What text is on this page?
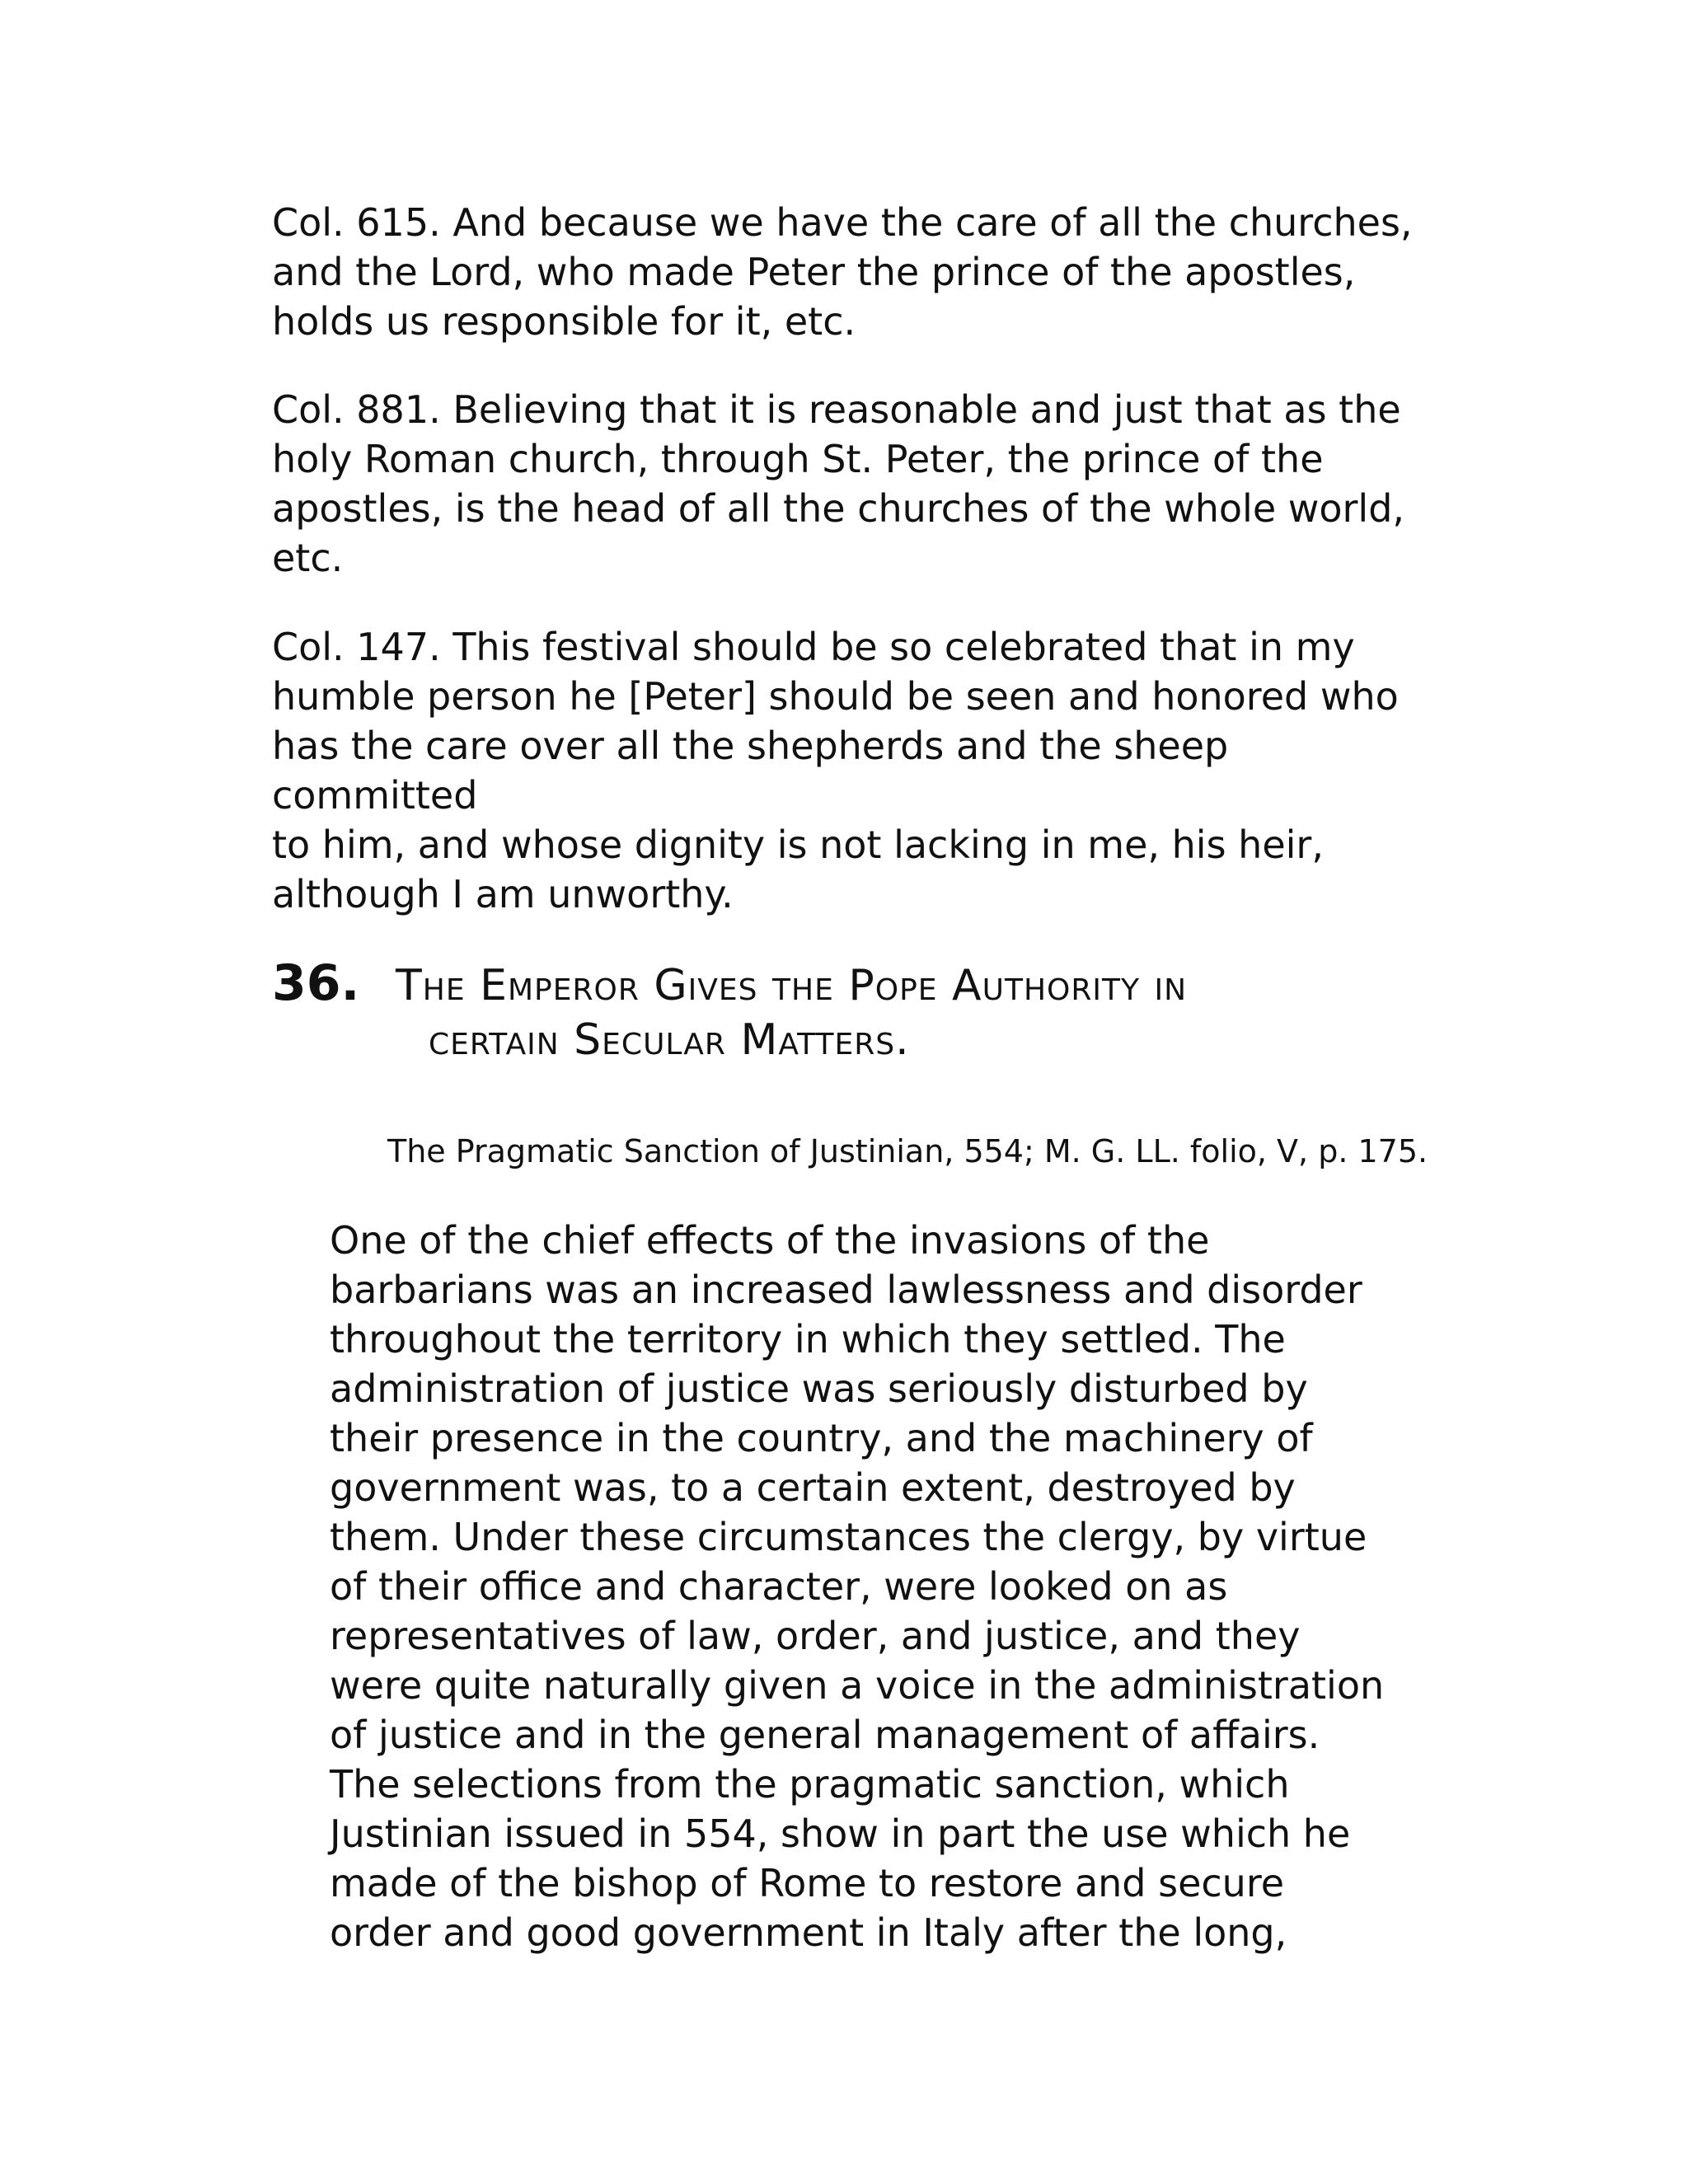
Col. 615. And because we have the care of all the churches,
and the Lord, who made Peter the prince of the apostles,
holds us responsible for it, etc.

Col. 881. Believing that it is reasonable and just that as the
holy Roman church, through St. Peter, the prince of the
apostles, is the head of all the churches of the whole world,
etc.

Col. 147. This festival should be so celebrated that in my
humble person he [Peter] should be seen and honored who
has the care over all the shepherds and the sheep committed
to him, and whose dignity is not lacking in me, his heir,
although I am unworthy.

36. The Emperor Gives the Pope Authority in
certain Secular Matters.

The Pragmatic Sanction of Justinian, 554; M. G. LL. folio, V, p. 175.

One of the chief effects of the invasions of the
barbarians was an increased lawlessness and disorder
throughout the territory in which they settled. The
administration of justice was seriously disturbed by
their presence in the country, and the machinery of
government was, to a certain extent, destroyed by
them. Under these circumstances the clergy, by virtue
of their office and character, were looked on as
representatives of law, order, and justice, and they
were quite naturally given a voice in the administration
of justice and in the general management of affairs.
The selections from the pragmatic sanction, which
Justinian issued in 554, show in part the use which he
made of the bishop of Rome to restore and secure
order and good government in Italy after the long,
